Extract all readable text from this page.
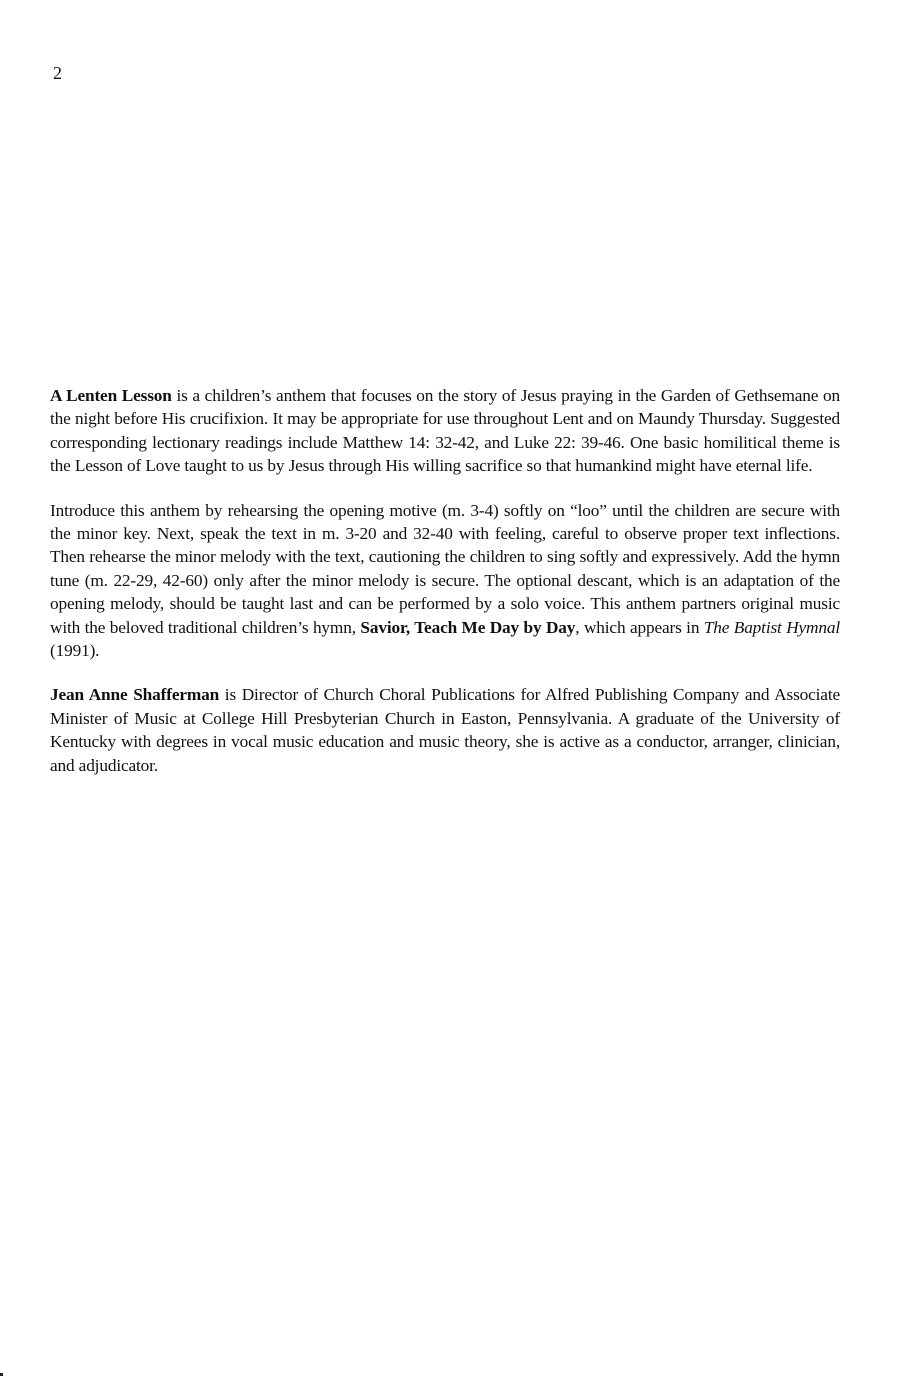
2

A Lenten Lesson is a children’s anthem that focuses on the story of Jesus praying in the Garden of Gethsemane on the night before His crucifixion. It may be appropriate for use throughout Lent and on Maundy Thursday. Suggested corresponding lectionary readings include Matthew 14: 32-42, and Luke 22: 39-46. One basic homilitical theme is the Lesson of Love taught to us by Jesus through His willing sacrifice so that humankind might have eternal life.

Introduce this anthem by rehearsing the opening motive (m. 3-4) softly on “loo” until the children are secure with the minor key. Next, speak the text in m. 3-20 and 32-40 with feeling, careful to observe proper text inflections. Then rehearse the minor melody with the text, cautioning the children to sing softly and expressively. Add the hymn tune (m. 22-29, 42-60) only after the minor melody is secure. The optional descant, which is an adaptation of the opening melody, should be taught last and can be performed by a solo voice. This anthem partners original music with the beloved traditional children’s hymn, Savior, Teach Me Day by Day, which appears in The Baptist Hymnal (1991).

Jean Anne Shafferman is Director of Church Choral Publications for Alfred Publishing Company and Associate Minister of Music at College Hill Presbyterian Church in Easton, Pennsylvania. A graduate of the University of Kentucky with degrees in vocal music education and music theory, she is active as a conductor, arranger, clinician, and adjudicator.
